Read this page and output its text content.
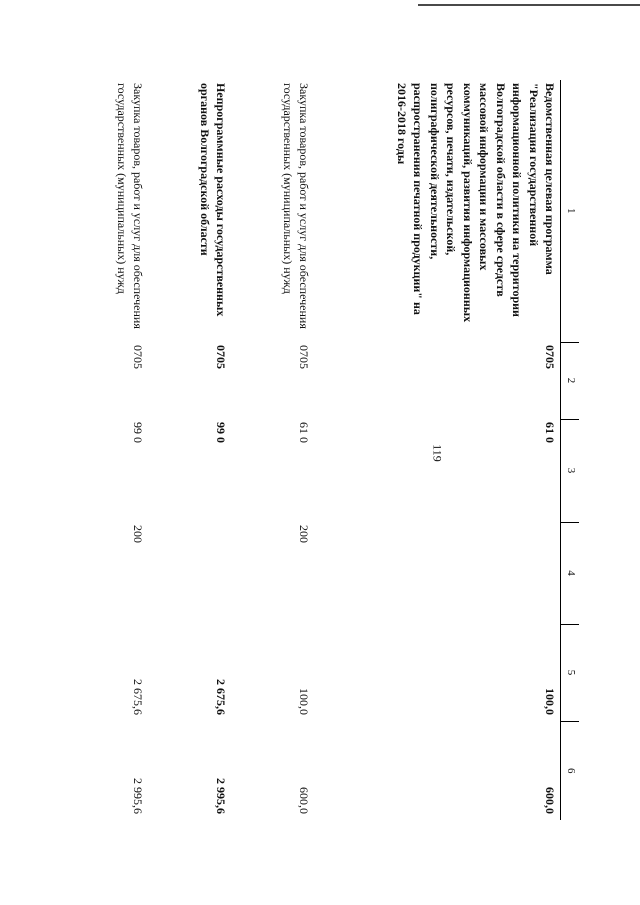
119
1	2	3	4	5	6
Ведомственная целевая программа "Реализация государственной информационной политики на территории Волгоградской области в сфере средств массовой информации и массовых коммуникаций, развития информационных ресурсов, печати, издательской, полиграфической деятельности, распространения печатной продукции" на 2016-2018 годы	0705	61 0		100,0	600,0
Закупка товаров, работ и услуг для обеспечения государственных (муниципальных) нужд	0705	61 0	200	100,0	600,0
Непрограммные расходы государственных органов Волгоградской области	0705	99 0		2 675,6	2 995,6
Закупка товаров, работ и услуг для обеспечения государственных (муниципальных) нужд	0705	99 0	200	2 675,6	2 995,6
